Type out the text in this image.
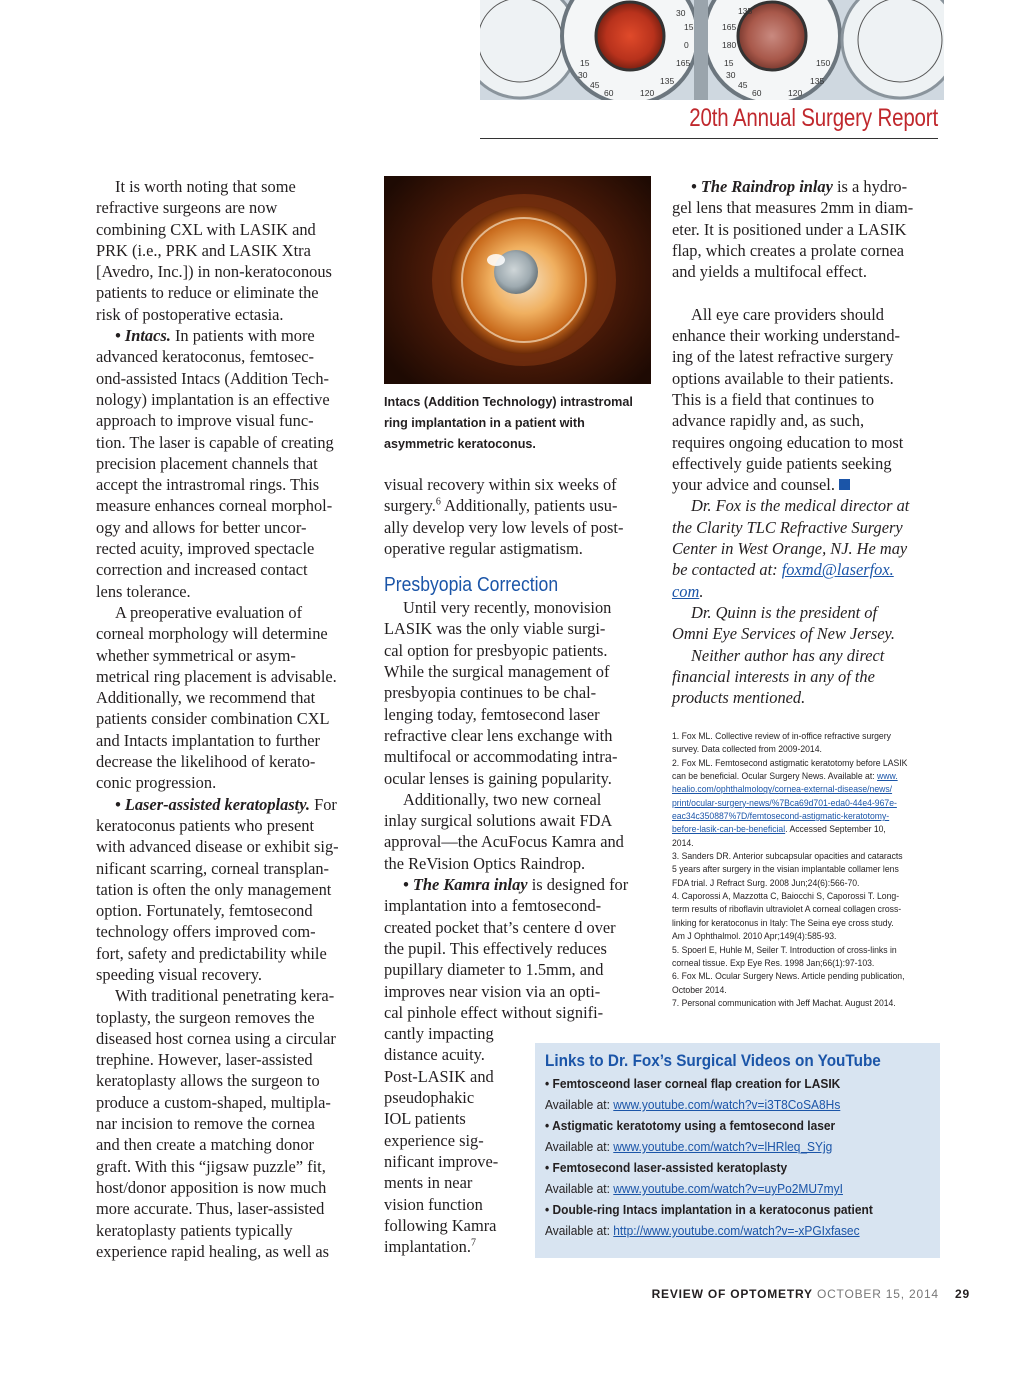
30
15
0
165
135
120
15
30
45
60
165
180
15
30
45
60
150
135
120
135
20th Annual Surgery Report
It is worth noting that some
refractive surgeons are now
combining CXL with LASIK and
PRK (i.e., PRK and LASIK Xtra
[Avedro, Inc.]) in non-keratoconous
patients to reduce or eliminate the
risk of postoperative ectasia.
• Intacs. In patients with more
advanced keratoconus, femtosec-
ond-assisted Intacs (Addition Tech-
nology) implantation is an effective
approach to improve visual func-
tion. The laser is capable of creating
precision placement channels that
accept the intrastromal rings. This
measure enhances corneal morphol-
ogy and allows for better uncor-
rected acuity, improved spectacle
correction and increased contact
lens tolerance.
A preoperative evaluation of
corneal morphology will determine
whether symmetrical or asym-
metrical ring placement is advisable.
Additionally, we recommend that
patients consider combination CXL
and Intacts implantation to further
decrease the likelihood of kerato-
conic progression.
• Laser-assisted keratoplasty. For
keratoconus patients who present
with advanced disease or exhibit sig-
nificant scarring, corneal transplan-
tation is often the only management
option. Fortunately, femtosecond
technology offers improved com-
fort, safety and predictability while
speeding visual recovery.
With traditional penetrating kera-
toplasty, the surgeon removes the
diseased host cornea using a circular
trephine. However, laser-assisted
keratoplasty allows the surgeon to
produce a custom-shaped, multipla-
nar incision to remove the cornea
and then create a matching donor
graft. With this “jigsaw puzzle” fit,
host/donor apposition is now much
more accurate. Thus, laser-assisted
keratoplasty patients typically
experience rapid healing, as well as
Intacs (Addition Technology) intrastromal
ring implantation in a patient with
asymmetric keratoconus.
visual recovery within six weeks of
surgery.$^6$ Additionally, patients usu-
ally develop very low levels of post-
operative regular astigmatism.
Presbyopia Correction
Until very recently, monovision
LASIK was the only viable surgi-
cal option for presbyopic patients.
While the surgical management of
presbyopia continues to be chal-
lenging today, femtosecond laser
refractive clear lens exchange with
multifocal or accommodating intra-
ocular lenses is gaining popularity.
Additionally, two new corneal
inlay surgical solutions await FDA
approval—the AcuFocus Kamra and
the ReVision Optics Raindrop.
• The Kamra inlay is designed for
implantation into a femtosecond-
created pocket that’s centere d over
the pupil. This effectively reduces
pupillary diameter to 1.5mm, and
improves near vision via an opti-
cal pinhole effect without signifi-
cantly impacting
distance acuity.
Post-LASIK and
pseudophakic
IOL patients
experience sig-
nificant improve-
ments in near
vision function
following Kamra
implantation.$^7$
• The Raindrop inlay is a hydro-
gel lens that measures 2mm in diam-
eter. It is positioned under a LASIK
flap, which creates a prolate cornea
and yields a multifocal effect.
All eye care providers should
enhance their working understand-
ing of the latest refractive surgery
options available to their patients.
This is a field that continues to
advance rapidly and, as such,
requires ongoing education to most
effectively guide patients seeking
your advice and counsel.
Dr. Fox is the medical director at
the Clarity TLC Refractive Surgery
Center in West Orange, NJ. He may
be contacted at: foxmd@laserfox.
com.
Dr. Quinn is the president of
Omni Eye Services of New Jersey.
Neither author has any direct
financial interests in any of the
products mentioned.
1. Fox ML. Collective review of in-office refractive surgery
survey. Data collected from 2009-2014.
2. Fox ML. Femtosecond astigmatic keratotomy before LASIK
can be beneficial. Ocular Surgery News. Available at: www.
healio.com/ophthalmology/cornea-external-disease/news/
print/ocular-surgery-news/%7Bca69d701-eda0-44e4-967e-
eac34c350887%7D/femtosecond-astigmatic-keratotomy-
before-lasik-can-be-beneficial. Accessed September 10,
2014.
3. Sanders DR. Anterior subcapsular opacities and cataracts
5 years after surgery in the visian implantable collamer lens
FDA trial. J Refract Surg. 2008 Jun;24(6):566-70.
4. Caporossi A, Mazzotta C, Baiocchi S, Caporossi T. Long-
term results of riboflavin ultraviolet A corneal collagen cross-
linking for keratoconus in Italy: The Seina eye cross study.
Am J Ophthalmol. 2010 Apr;149(4):585-93.
5. Spoerl E, Huhle M, Seiler T. Introduction of cross-links in
corneal tissue. Exp Eye Res. 1998 Jan;66(1):97-103.
6. Fox ML. Ocular Surgery News. Article pending publication,
October 2014.
7. Personal communication with Jeff Machat. August 2014.
Links to Dr. Fox’s Surgical Videos on YouTube
• Femtosceond laser corneal flap creation for LASIK
Available at: www.youtube.com/watch?v=i3T8CoSA8Hs
• Astigmatic keratotomy using a femtosecond laser
Available at: www.youtube.com/watch?v=lHRleq_SYjg
• Femtosecond laser-assisted keratoplasty
Available at: www.youtube.com/watch?v=uyPo2MU7myI
• Double-ring Intacs implantation in a keratoconus patient
Available at: http://www.youtube.com/watch?v=-xPGIxfasec
REVIEW OF OPTOMETRY OCTOBER 15, 2014 29
